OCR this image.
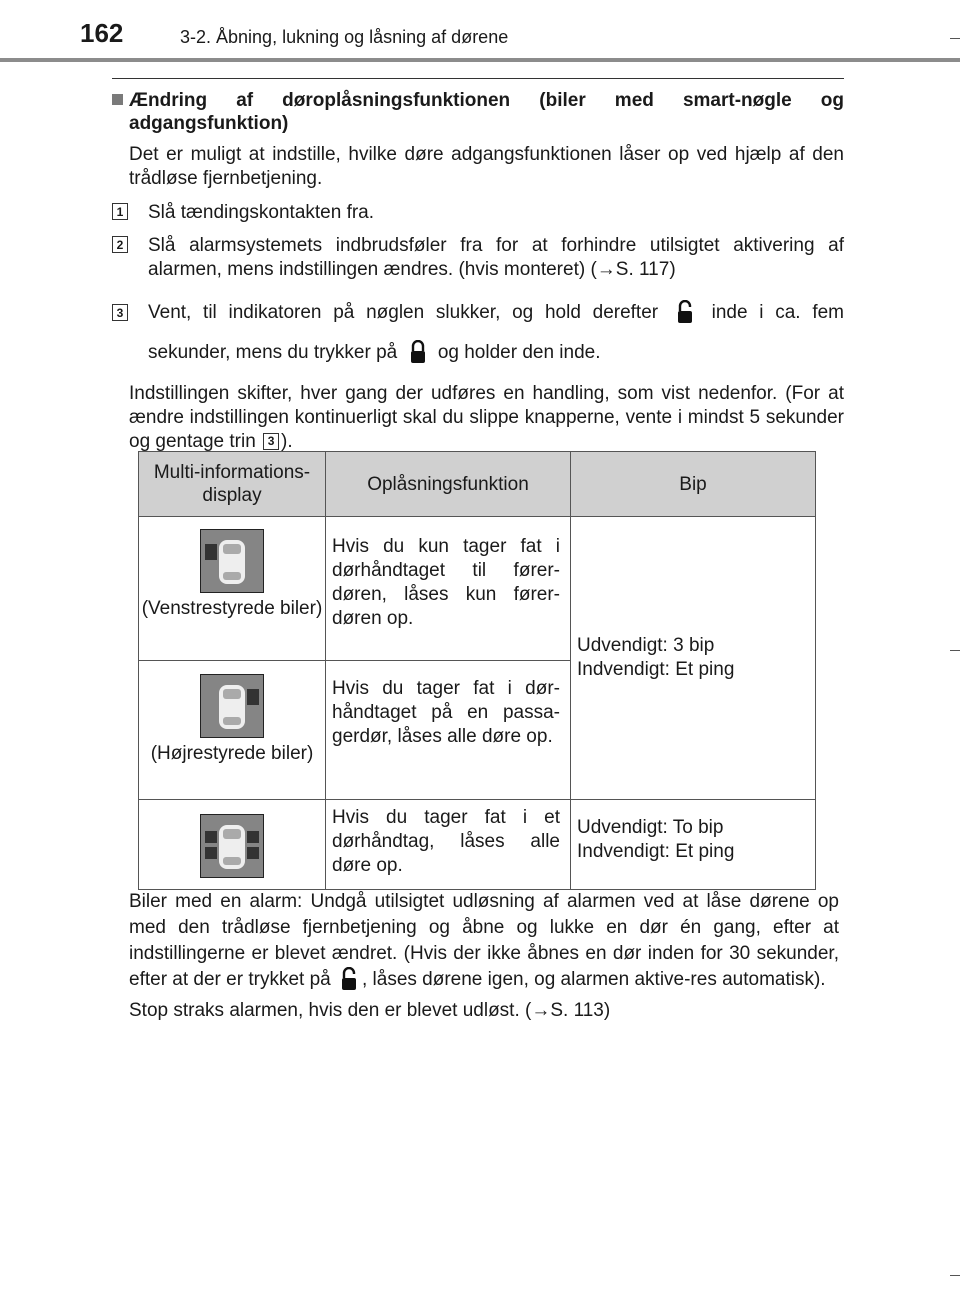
162	3-2. Åbning, lukning og låsning af dørene
Ændring af døroplåsningsfunktionen (biler med smart-nøgle og adgangsfunktion)
Det er muligt at indstille, hvilke døre adgangsfunktionen låser op ved hjælp af den trådløse fjernbetjening.
1 Slå tændingskontakten fra.
2 Slå alarmsystemets indbrudsføler fra for at forhindre utilsigtet aktivering af alarmen, mens indstillingen ændres. (hvis monteret) (→S. 117)
3 Vent, til indikatoren på nøglen slukker, og hold derefter	inde i ca. fem sekunder, mens du trykker på og holder den inde.
Indstillingen skifter, hver gang der udføres en handling, som vist nedenfor. (For at ændre indstillingen kontinuerligt skal du slippe knapperne, vente i mindst 5 sekunder og gentage trin 3 ).
Multi-informations-display	Oplåsningsfunktion	Bip

(Venstrestyrede biler)	Hvis du kun tager fat i dørhåndtaget til fører-døren, låses kun fører-døren op.	Udvendigt: 3 bip
Indvendigt: Et ping

(Højrestyrede biler)	Hvis du tager fat i dør-håndtaget på en passa-gerdør, låses alle døre op.	

	Hvis du tager fat i et dørhåndtag, låses alle døre op.	Udvendigt: To bip
Indvendigt: Et ping

Biler med en alarm: Undgå utilsigtet udløsning af alarmen ved at låse dørene op med den trådløse fjernbetjening og åbne og lukke en dør én gang, efter at indstillingerne er blevet ændret. (Hvis der ikke åbnes en dør inden for 30 sekunder, efter at der er trykket på , låses dørene igen, og alarmen aktive-res automatisk).

Stop straks alarmen, hvis den er blevet udløst. (→S. 113)
